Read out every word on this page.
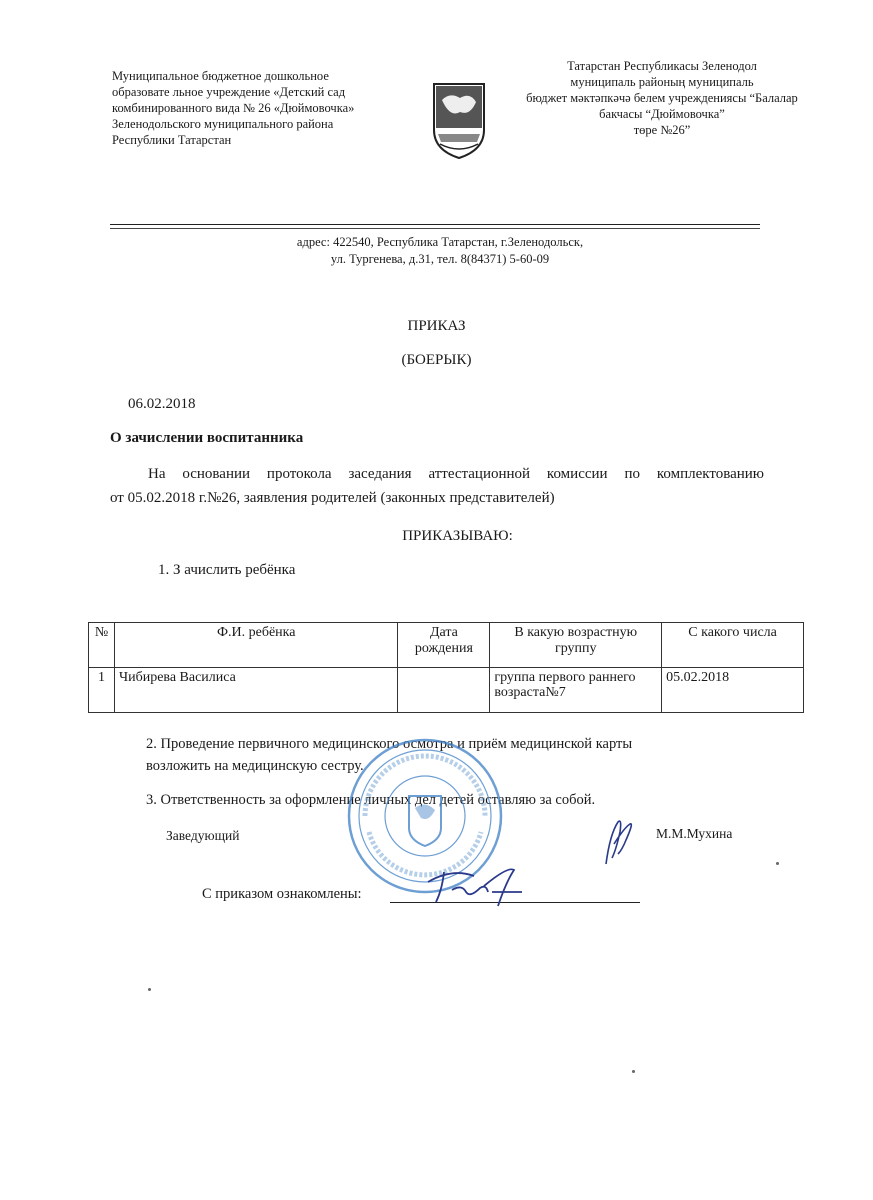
Муниципальное бюджетное дошкольное
образовате льное учреждение «Детский сад
комбинированного вида № 26 «Дюймовочка»
Зеленодольского муниципального района
Республики Татарстан
Татарстан Республикасы Зеленодол
муниципаль районың муниципаль
бюджет мәктәпкәчә белем учреждениясы “Балалар
бакчасы “Дюймовочка”
төре №26”
адрес: 422540, Республика Татарстан, г.Зеленодольск,
ул. Тургенева, д.31, тел. 8(84371) 5-60-09
ПРИКАЗ
(БОЕРЫК)
06.02.2018
О зачислении воспитанника
На основании протокола заседания аттестационной комиссии по комплектованию
от 05.02.2018 г.№26, заявления родителей (законных представителей)
ПРИКАЗЫВАЮ:
1. З ачислить ребёнка
№	Ф.И. ребёнка	Дата рождения	В какую возрастную группу	С какого числа
1	Чибирева Василиса		группа первого раннего возраста№7	05.02.2018
2. Проведение первичного медицинского осмотра и приём медицинской карты
возложить на медицинскую сестру.
3. Ответственность за оформление личных дел детей оставляю за собой.
Заведующий	М.М.Мухина
С приказом ознакомлены:
